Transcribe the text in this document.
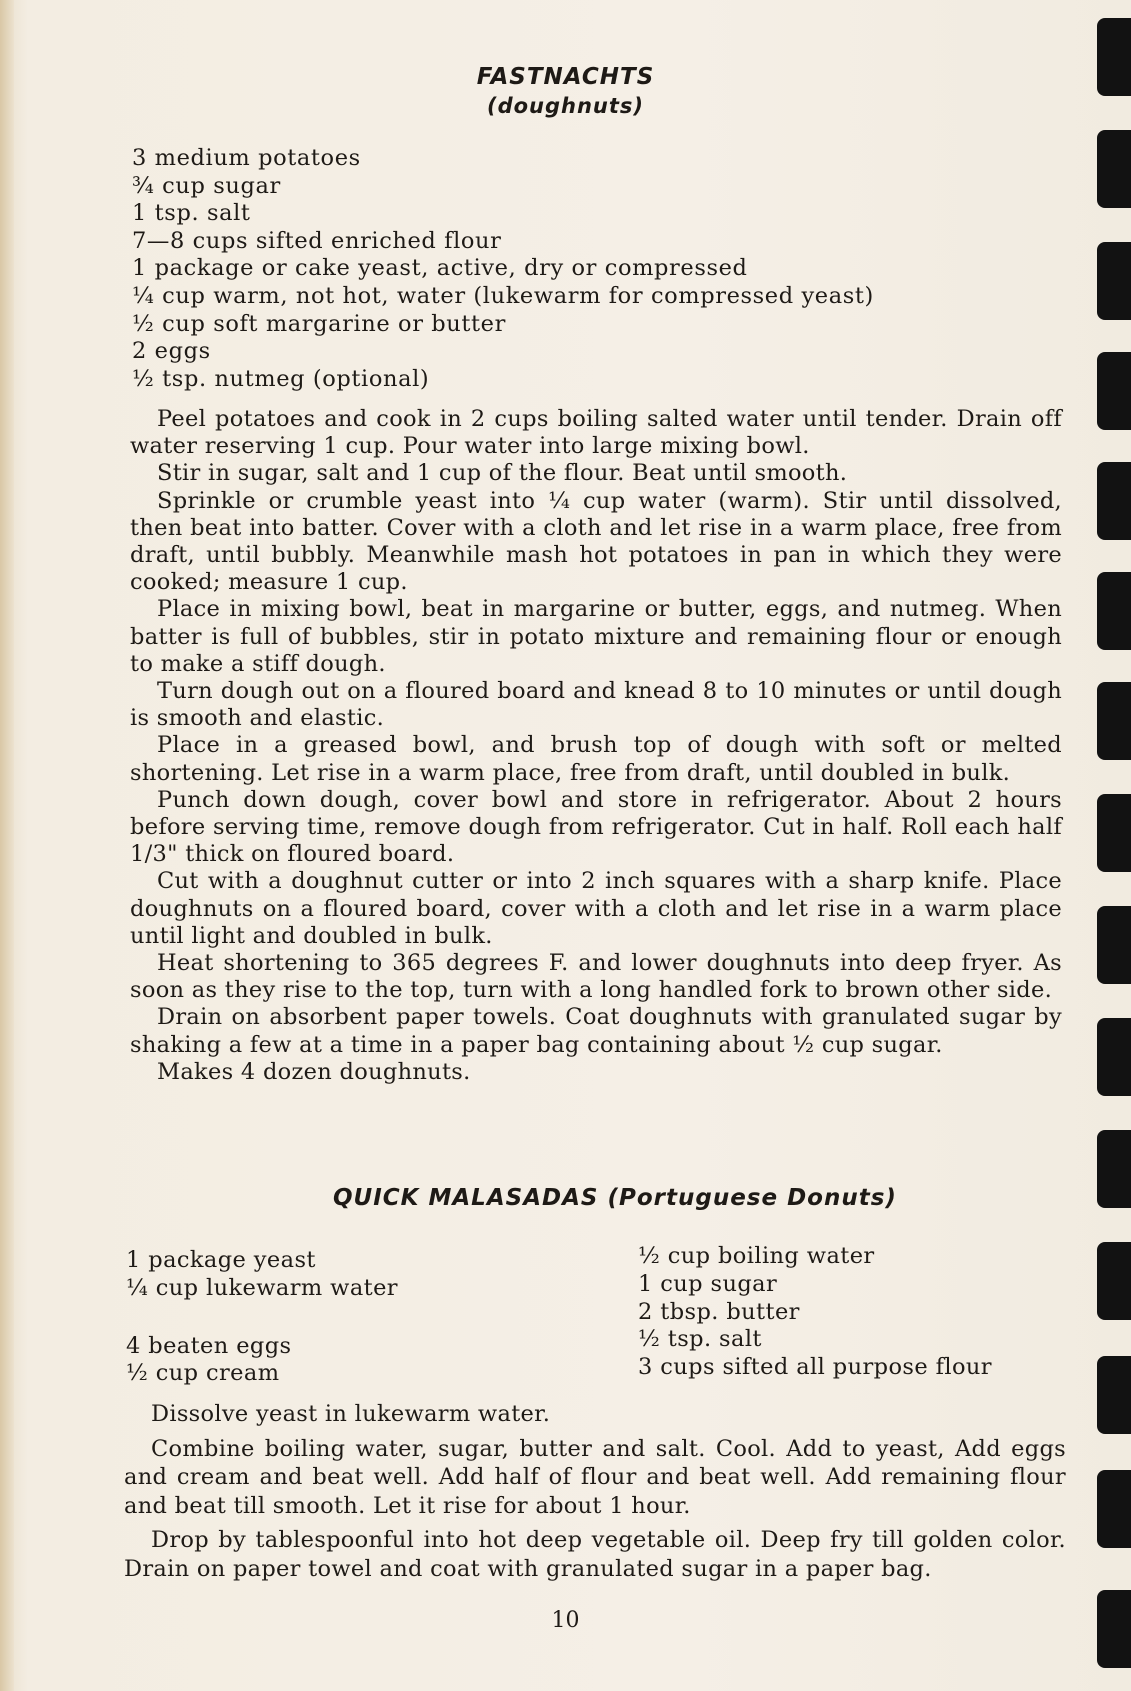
FASTNACHTS
(doughnuts)
3 medium potatoes
¾ cup sugar
1 tsp. salt
7—8 cups sifted enriched flour
1 package or cake yeast, active, dry or compressed
¼ cup warm, not hot, water (lukewarm for compressed yeast)
½ cup soft margarine or butter
2 eggs
½ tsp. nutmeg (optional)
Peel potatoes and cook in 2 cups boiling salted water until tender. Drain off water reserving 1 cup. Pour water into large mixing bowl.
Stir in sugar, salt and 1 cup of the flour. Beat until smooth.
Sprinkle or crumble yeast into ¼ cup water (warm). Stir until dissolved, then beat into batter. Cover with a cloth and let rise in a warm place, free from draft, until bubbly. Meanwhile mash hot potatoes in pan in which they were cooked; measure 1 cup.
Place in mixing bowl, beat in margarine or butter, eggs, and nutmeg. When batter is full of bubbles, stir in potato mixture and remaining flour or enough to make a stiff dough.
Turn dough out on a floured board and knead 8 to 10 minutes or until dough is smooth and elastic.
Place in a greased bowl, and brush top of dough with soft or melted shortening. Let rise in a warm place, free from draft, until doubled in bulk.
Punch down dough, cover bowl and store in refrigerator. About 2 hours before serving time, remove dough from refrigerator. Cut in half. Roll each half 1/3" thick on floured board.
Cut with a doughnut cutter or into 2 inch squares with a sharp knife. Place doughnuts on a floured board, cover with a cloth and let rise in a warm place until light and doubled in bulk.
Heat shortening to 365 degrees F. and lower doughnuts into deep fryer. As soon as they rise to the top, turn with a long handled fork to brown other side.
Drain on absorbent paper towels. Coat doughnuts with granulated sugar by shaking a few at a time in a paper bag containing about ½ cup sugar.
Makes 4 dozen doughnuts.
QUICK MALASADAS (Portuguese Donuts)
1 package yeast
¼ cup lukewarm water
4 beaten eggs
½ cup cream
½ cup boiling water
1 cup sugar
2 tbsp. butter
½ tsp. salt
3 cups sifted all purpose flour
Dissolve yeast in lukewarm water.
Combine boiling water, sugar, butter and salt. Cool. Add to yeast, Add eggs and cream and beat well. Add half of flour and beat well. Add remaining flour and beat till smooth. Let it rise for about 1 hour.
Drop by tablespoonful into hot deep vegetable oil. Deep fry till golden color. Drain on paper towel and coat with granulated sugar in a paper bag.
10
